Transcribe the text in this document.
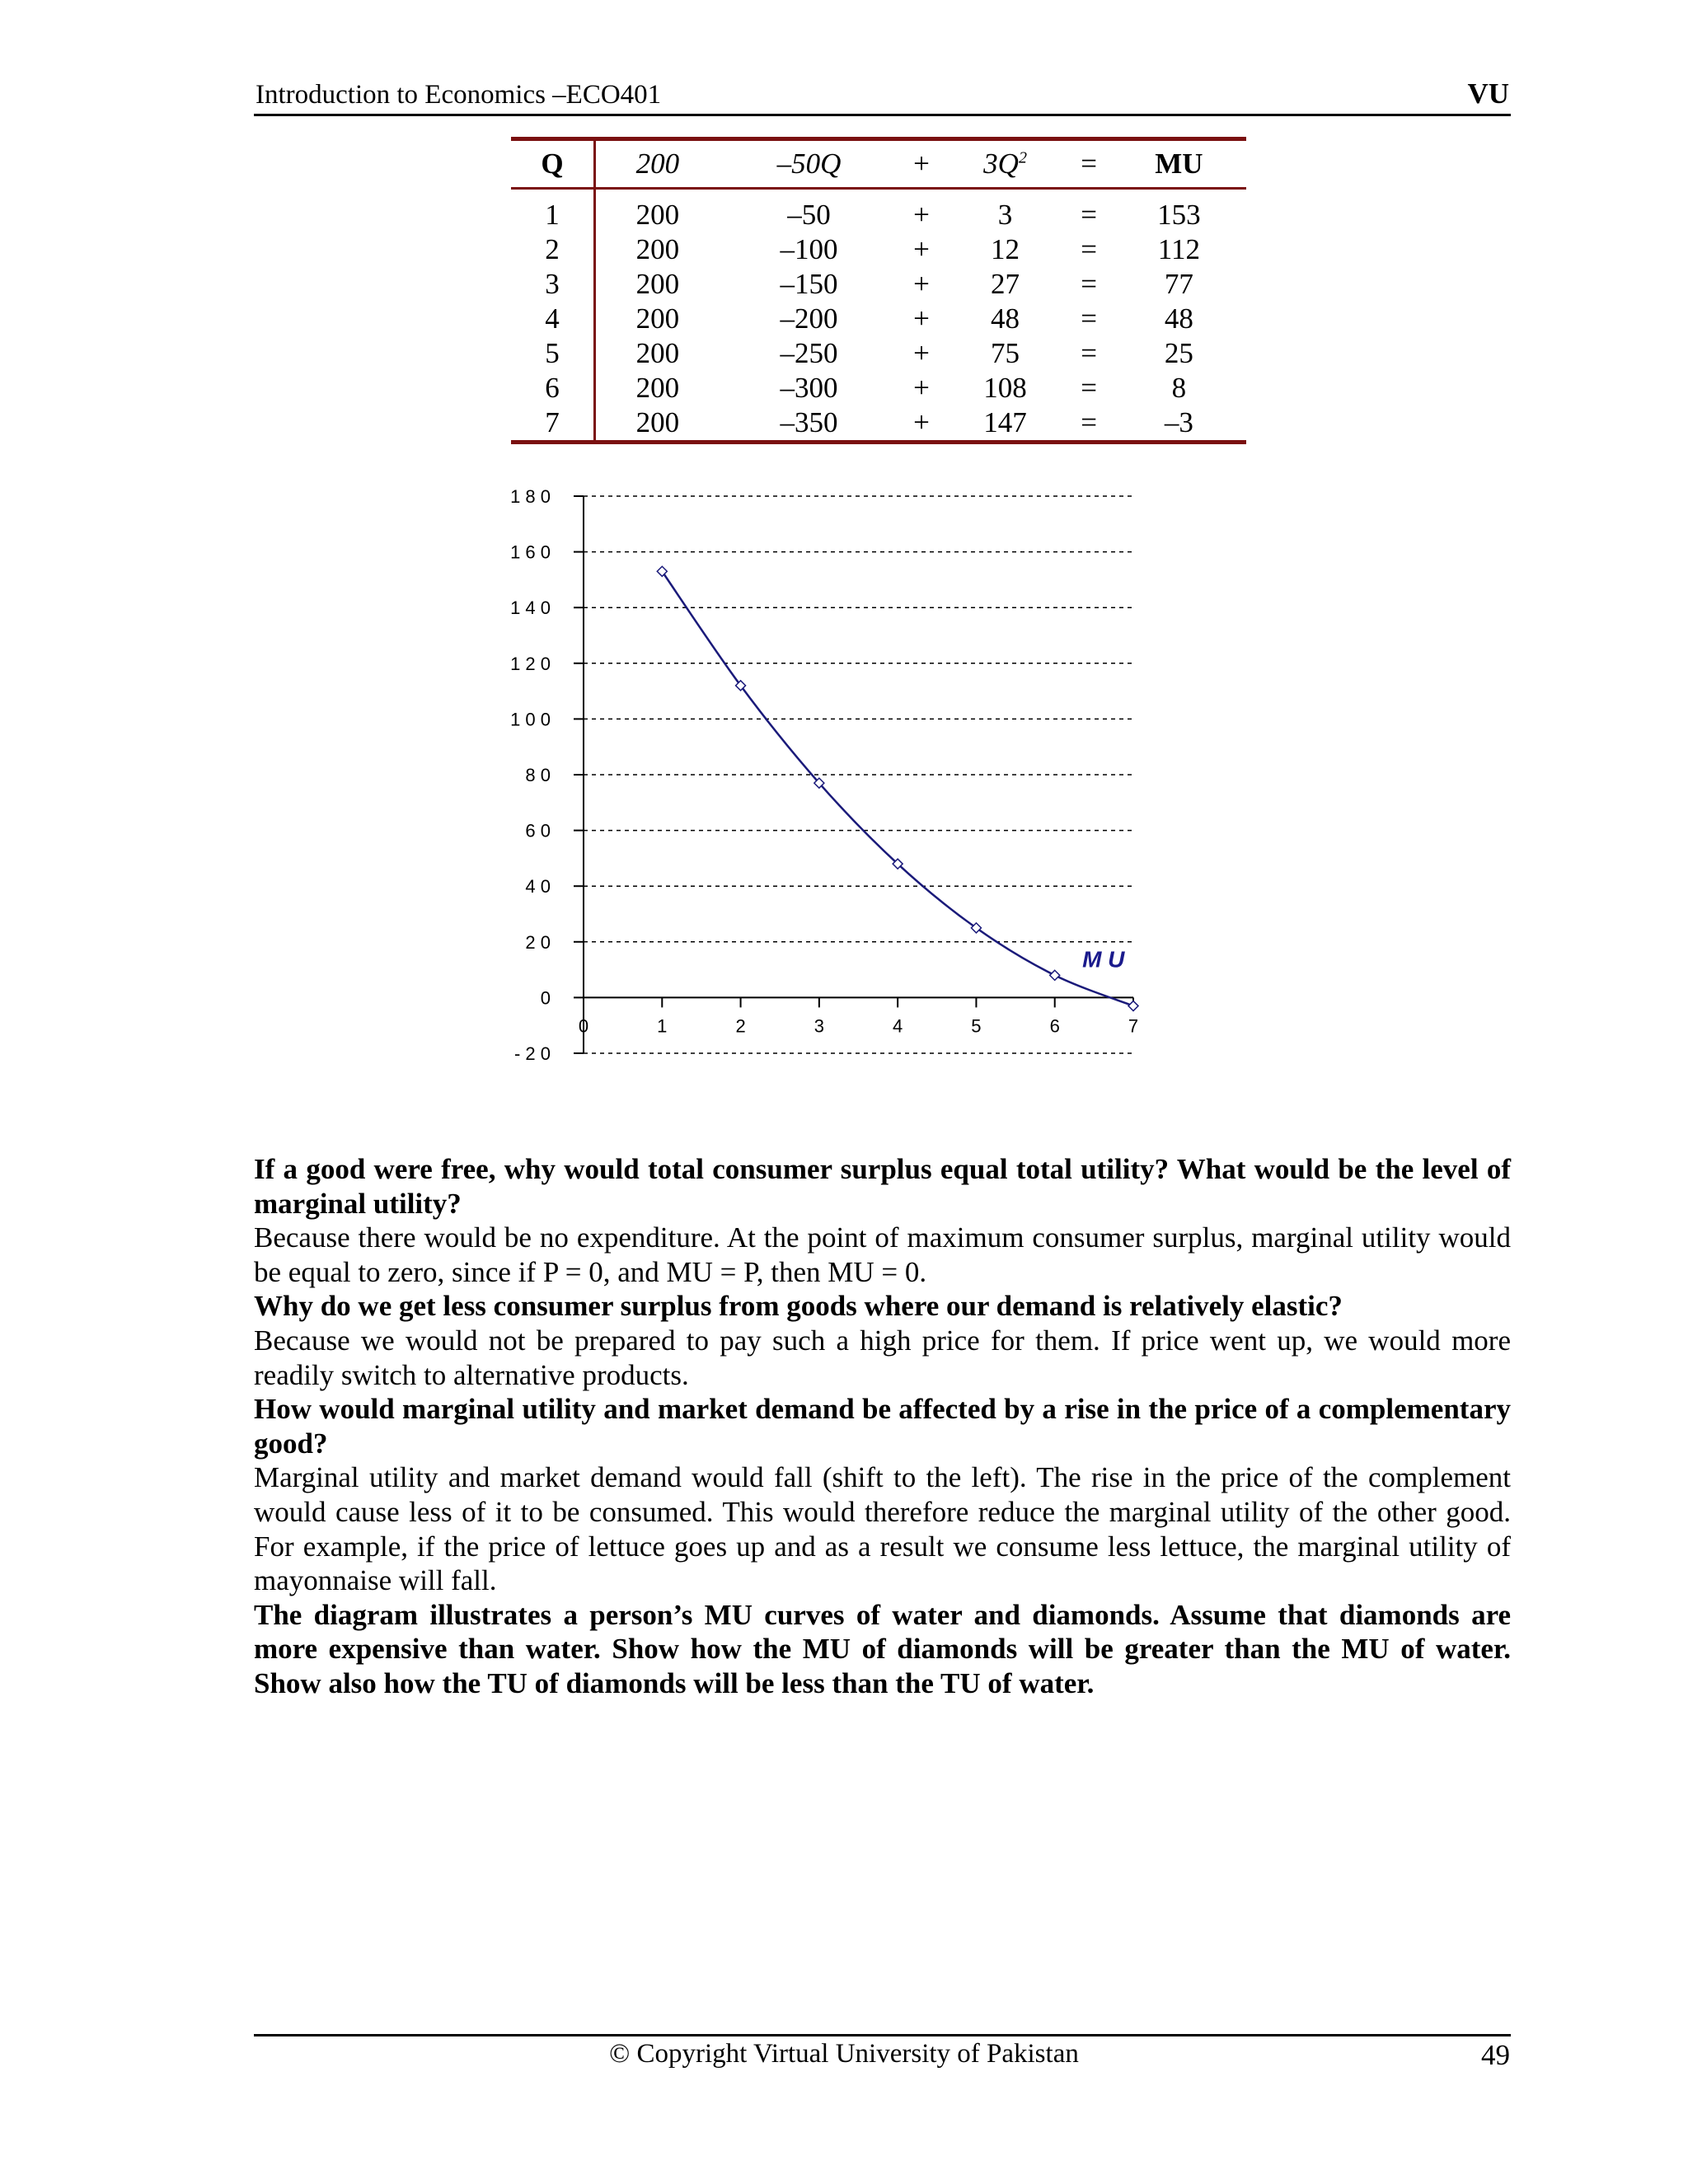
Introduction to Economics –ECO401	VU
Q	200	–50Q	+	$3Q^2$	=	MU
1	200	–50	+	3	=	153
2	200	–100	+	12	=	112
3	200	–150	+	27	=	77
4	200	–200	+	48	=	48
5	200	–250	+	75	=	25
6	200	–300	+	108	=	8
7	200	–350	+	147	=	–3
1 8 0
1 6 0
1 4 0
1 2 0
1 0 0
8 0
6 0
4 0
2 0
0
- 2 0
0	1	2	3	4	5	6	7
M U

If a good were free, why would total consumer surplus equal total utility? What would be the level of marginal utility?

Because there would be no expenditure. At the point of maximum consumer surplus, marginal utility would be equal to zero, since if P = 0, and MU = P, then MU = 0.

Why do we get less consumer surplus from goods where our demand is relatively elastic?

Because we would not be prepared to pay such a high price for them. If price went up, we would more readily switch to alternative products.

How would marginal utility and market demand be affected by a rise in the price of a complementary good?

Marginal utility and market demand would fall (shift to the left). The rise in the price of the complement would cause less of it to be consumed. This would therefore reduce the marginal utility of the other good. For example, if the price of lettuce goes up and as a result we consume less lettuce, the marginal utility of mayonnaise will fall.

The diagram illustrates a person’s MU curves of water and diamonds. Assume that diamonds are more expensive than water. Show how the MU of diamonds will be greater than the MU of water. Show also how the TU of diamonds will be less than the TU of water.

© Copyright Virtual University of Pakistan	49
